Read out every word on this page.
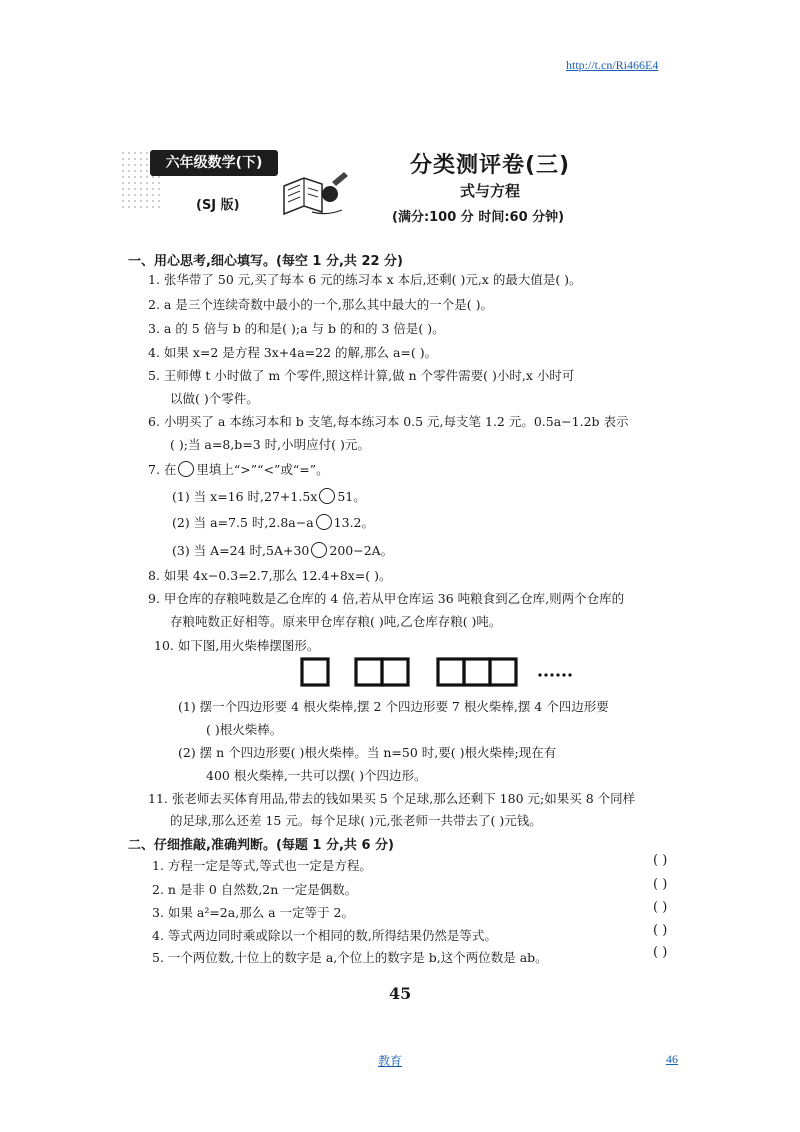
http://t.cn/Ri466E4
六年级数学(下)
(SJ 版)
分类测评卷(三)
式与方程
(满分:100 分 时间:60 分钟)
一、用心思考,细心填写。(每空 1 分,共 22 分)
1. 张华带了 50 元,买了每本 6 元的练习本 x 本后,还剩( )元,x 的最大值是( )。
2. a 是三个连续奇数中最小的一个,那么其中最大的一个是( )。
3. a 的 5 倍与 b 的和是( );a 与 b 的和的 3 倍是( )。
4. 如果 x=2 是方程 3x+4a=22 的解,那么 a=( )。
5. 王师傅 t 小时做了 m 个零件,照这样计算,做 n 个零件需要( )小时,x 小时可
以做( )个零件。
6. 小明买了 a 本练习本和 b 支笔,每本练习本 0.5 元,每支笔 1.2 元。0.5a−1.2b 表示
( );当 a=8,b=3 时,小明应付( )元。
7. 在 里填上“>”“<”或“=”。
(1) 当 x=16 时,27+1.5x 51。
(2) 当 a=7.5 时,2.8a−a 13.2。
(3) 当 A=24 时,5A+30 200−2A。
8. 如果 4x−0.3=2.7,那么 12.4+8x=( )。
9. 甲仓库的存粮吨数是乙仓库的 4 倍,若从甲仓库运 36 吨粮食到乙仓库,则两个仓库的
存粮吨数正好相等。原来甲仓库存粮( )吨,乙仓库存粮( )吨。
10. 如下图,用火柴棒摆图形。
(1) 摆一个四边形要 4 根火柴棒,摆 2 个四边形要 7 根火柴棒,摆 4 个四边形要
( )根火柴棒。
(2) 摆 n 个四边形要( )根火柴棒。当 n=50 时,要( )根火柴棒;现在有
400 根火柴棒,一共可以摆( )个四边形。
11. 张老师去买体育用品,带去的钱如果买 5 个足球,那么还剩下 180 元;如果买 8 个同样
的足球,那么还差 15 元。每个足球( )元,张老师一共带去了( )元钱。
二、仔细推敲,准确判断。(每题 1 分,共 6 分)
1. 方程一定是等式,等式也一定是方程。	( )
2. n 是非 0 自然数,2n 一定是偶数。	( )
3. 如果 a²=2a,那么 a 一定等于 2。	( )
4. 等式两边同时乘或除以一个相同的数,所得结果仍然是等式。	( )
5. 一个两位数,十位上的数字是 a,个位上的数字是 b,这个两位数是 ab。	( )
45
教育	46
